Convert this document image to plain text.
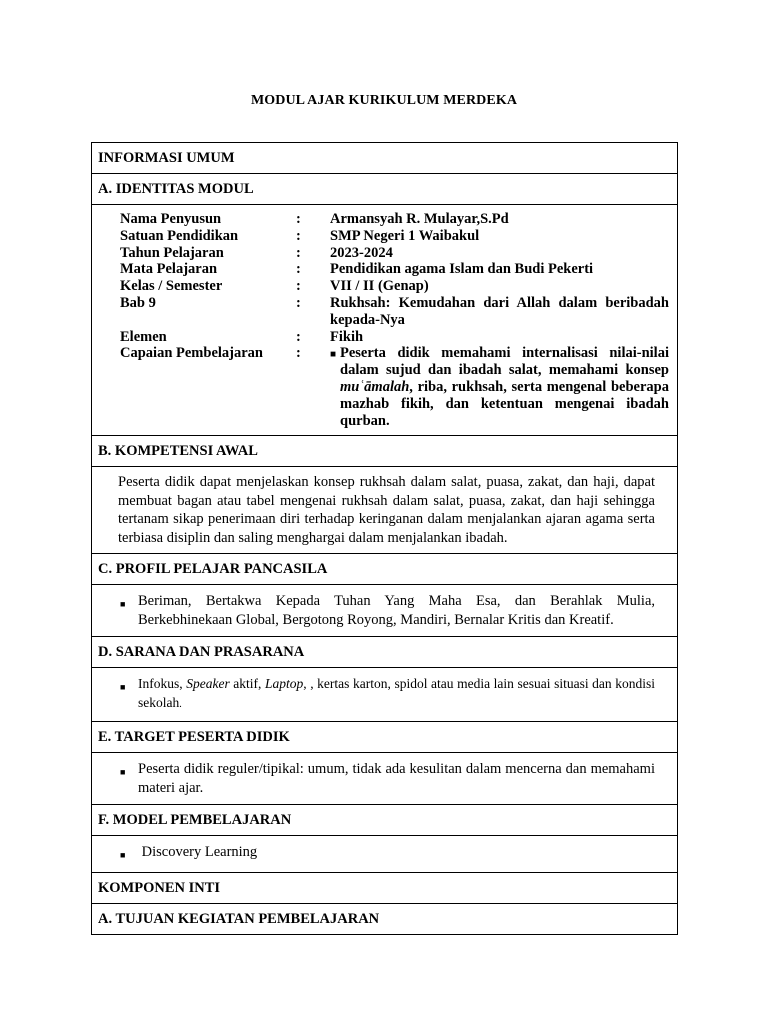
MODUL AJAR KURIKULUM MERDEKA
INFORMASI UMUM
A. IDENTITAS MODUL

Nama Penyusun	:	Armansyah R. Mulayar,S.Pd
Satuan Pendidikan	:	SMP Negeri 1 Waibakul
Tahun Pelajaran	:	2023-2024
Mata Pelajaran	:	Pendidikan agama Islam dan Budi Pekerti
Kelas / Semester	:	VII / II (Genap)
Bab 9	:	Rukhsah: Kemudahan dari Allah dalam beribadah kepada-Nya
Elemen	:	Fikih
Capaian Pembelajaran	:	■ Peserta didik memahami internalisasi nilai-nilai dalam sujud dan ibadah salat, memahami konsep muʿāmalah, riba, rukhsah, serta mengenal beberapa mazhab fikih, dan ketentuan mengenai ibadah qurban.

B. KOMPETENSI AWAL
Peserta didik dapat menjelaskan konsep rukhsah dalam salat, puasa, zakat, dan haji, dapat membuat bagan atau tabel mengenai rukhsah dalam salat, puasa, zakat, dan haji sehingga tertanam sikap penerimaan diri terhadap keringanan dalam menjalankan ajaran agama serta terbiasa disiplin dan saling menghargai dalam menjalankan ibadah.
C. PROFIL PELAJAR PANCASILA

■ Beriman, Bertakwa Kepada Tuhan Yang Maha Esa, dan Berahlak Mulia, Berkebhinekaan Global, Bergotong Royong, Mandiri, Bernalar Kritis dan Kreatif.

D. SARANA DAN PRASARANA

■ Infokus, Speaker aktif, Laptop, , kertas karton, spidol atau media lain sesuai situasi dan kondisi sekolah.

E. TARGET PESERTA DIDIK

■ Peserta didik reguler/tipikal: umum, tidak ada kesulitan dalam mencerna dan memahami materi ajar.

F. MODEL PEMBELAJARAN

■ Discovery Learning

KOMPONEN INTI
A. TUJUAN KEGIATAN PEMBELAJARAN
